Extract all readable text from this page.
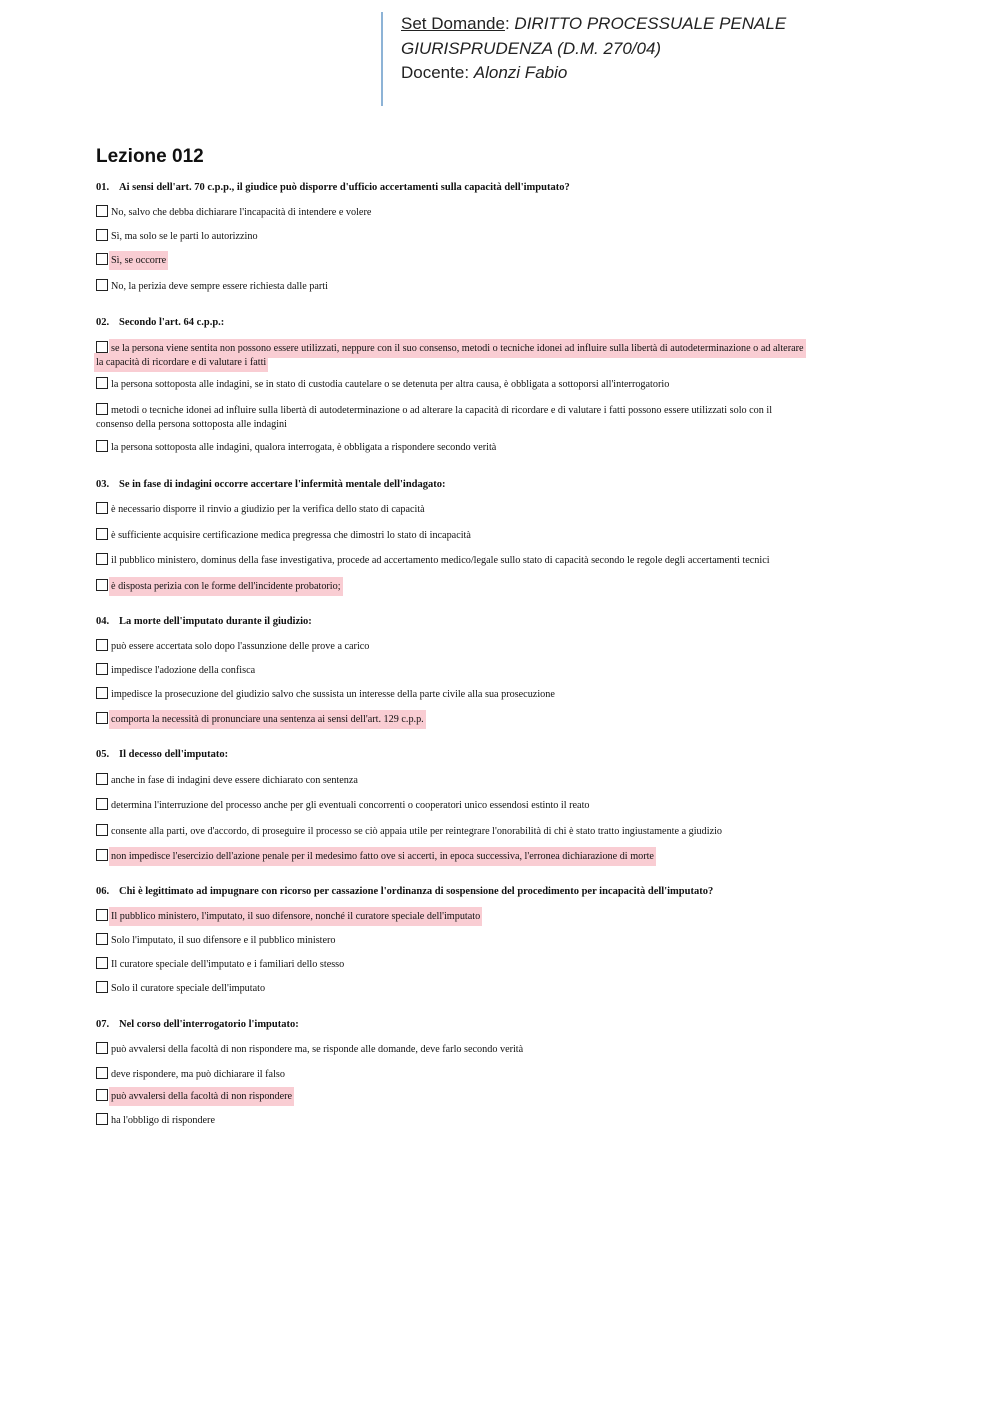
Set Domande: DIRITTO PROCESSUALE PENALE
GIURISPRUDENZA (D.M. 270/04)
Docente: Alonzi Fabio
Lezione 012
01. Ai sensi dell'art. 70 c.p.p., il giudice può disporre d'ufficio accertamenti sulla capacità dell'imputato?
No, salvo che debba dichiarare l'incapacità di intendere e volere
Sì, ma solo se le parti lo autorizzino
Sì, se occorre
No, la perizia deve sempre essere richiesta dalle parti
02. Secondo l'art. 64 c.p.p.:
se la persona viene sentita non possono essere utilizzati, neppure con il suo consenso, metodi o tecniche idonei ad influire sulla libertà di autodeterminazione o ad alterare
la capacità di ricordare e di valutare i fatti
la persona sottoposta alle indagini, se in stato di custodia cautelare o se detenuta per altra causa, è obbligata a sottoporsi all'interrogatorio
metodi o tecniche idonei ad influire sulla libertà di autodeterminazione o ad alterare la capacità di ricordare e di valutare i fatti possono essere utilizzati solo con il
consenso della persona sottoposta alle indagini
la persona sottoposta alle indagini, qualora interrogata, è obbligata a rispondere secondo verità
03. Se in fase di indagini occorre accertare l'infermità mentale dell'indagato:
è necessario disporre il rinvio a giudizio per la verifica dello stato di capacità
è sufficiente acquisire certificazione medica pregressa che dimostri lo stato di incapacità
il pubblico ministero, dominus della fase investigativa, procede ad accertamento medico/legale sullo stato di capacità secondo le regole degli accertamenti tecnici
è disposta perizia con le forme dell'incidente probatorio;
04. La morte dell'imputato durante il giudizio:
può essere accertata solo dopo l'assunzione delle prove a carico
impedisce l'adozione della confisca
impedisce la prosecuzione del giudizio salvo che sussista un interesse della parte civile alla sua prosecuzione
comporta la necessità di pronunciare una sentenza ai sensi dell'art. 129 c.p.p.
05. Il decesso dell'imputato:
anche in fase di indagini deve essere dichiarato con sentenza
determina l'interruzione del processo anche per gli eventuali concorrenti o cooperatori unico essendosi estinto il reato
consente alla parti, ove d'accordo, di proseguire il processo se ciò appaia utile per reintegrare l'onorabilità di chi è stato tratto ingiustamente a giudizio
non impedisce l'esercizio dell'azione penale per il medesimo fatto ove si accerti, in epoca successiva, l'erronea dichiarazione di morte
06. Chi è legittimato ad impugnare con ricorso per cassazione l'ordinanza di sospensione del procedimento per incapacità dell'imputato?
Il pubblico ministero, l'imputato, il suo difensore, nonché il curatore speciale dell'imputato
Solo l'imputato, il suo difensore e il pubblico ministero
Il curatore speciale dell'imputato e i familiari dello stesso
Solo il curatore speciale dell'imputato
07. Nel corso dell'interrogatorio l'imputato:
può avvalersi della facoltà di non rispondere ma, se risponde alle domande, deve farlo secondo verità
deve rispondere, ma può dichiarare il falso
può avvalersi della facoltà di non rispondere
ha l'obbligo di rispondere
